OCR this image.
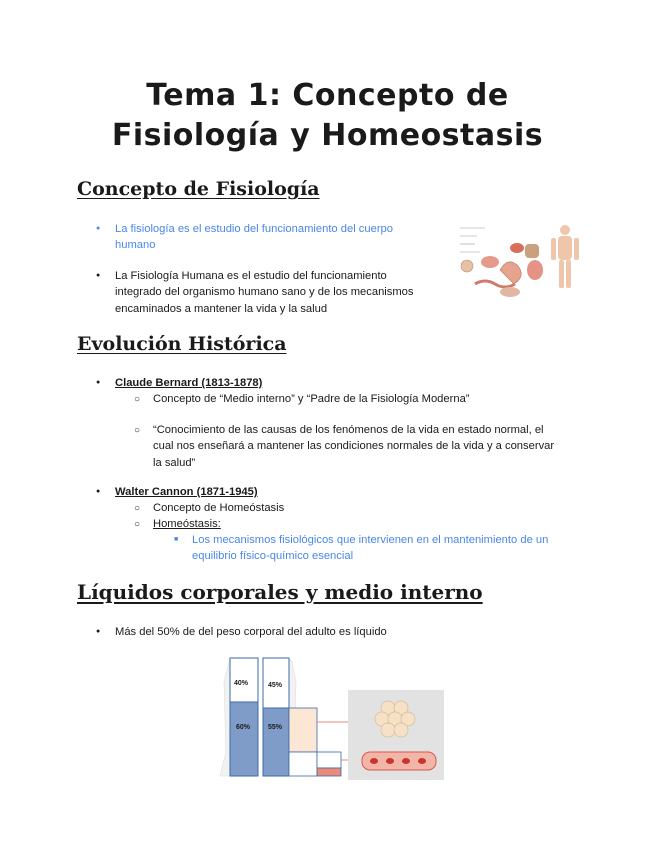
Tema 1: Concepto de
Fisiología y Homeostasis
Concepto de Fisiología
●
La fisiología es el estudio del funcionamiento del cuerpo
humano
●
La Fisiología Humana es el estudio del funcionamiento
integrado del organismo humano sano y de los mecanismos
encaminados a mantener la vida y la salud
Evolución Histórica
●
Claude Bernard (1813-1878)
○
Concepto de “Medio interno” y “Padre de la Fisiología Moderna”
○
“Conocimiento de las causas de los fenómenos de la vida en estado normal, el
cual nos enseñará a mantener las condiciones normales de la vida y a conservar
la salud”
●
Walter Cannon (1871-1945)
○
Concepto de Homeóstasis
○
Homeóstasis:
■
Los mecanismos fisiológicos que intervienen en el mantenimiento de un
equilibrio físico-químico esencial
Líquidos corporales y medio interno
●
Más del 50% de del peso corporal del adulto es líquido
40%
60%
45%
55%
